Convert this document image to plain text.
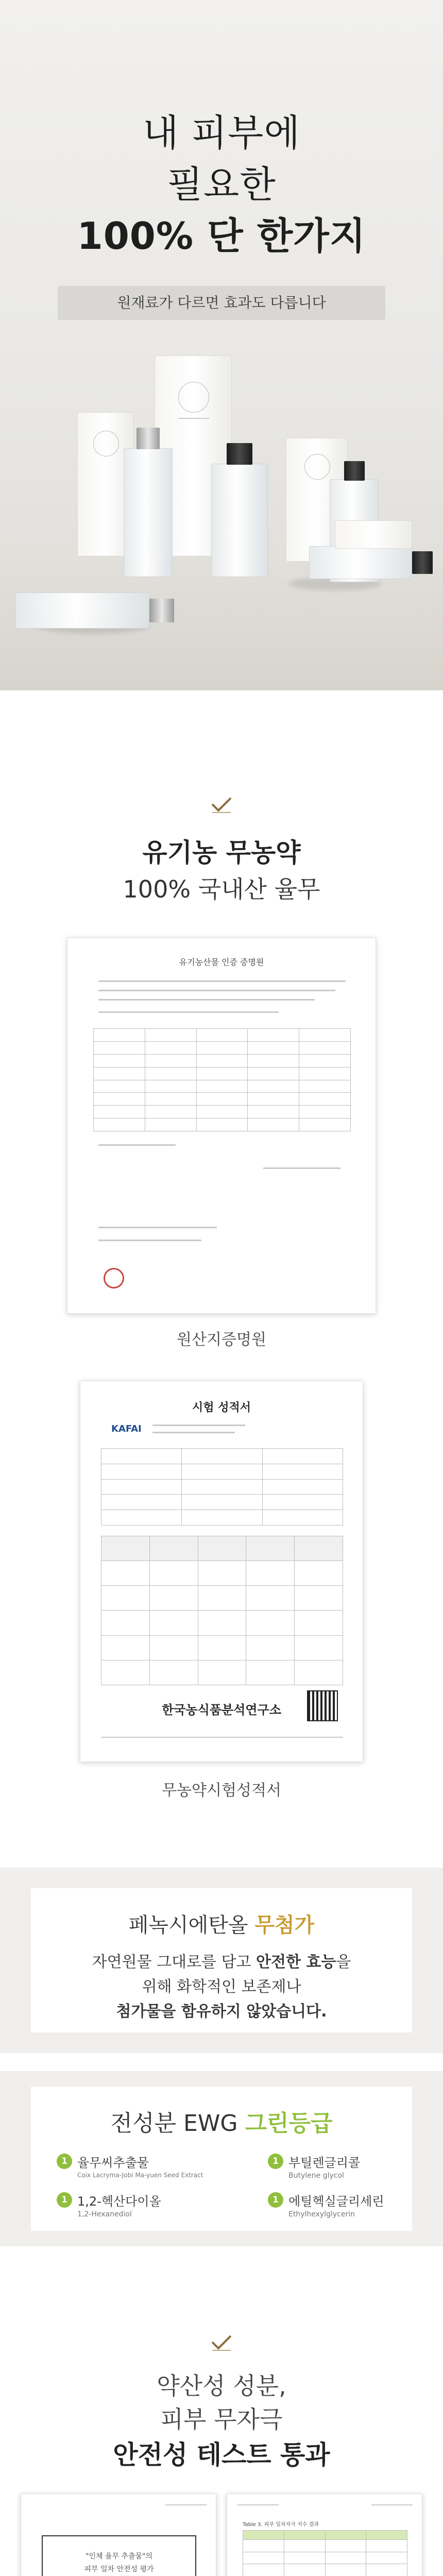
내 피부에
필요한
100% 단 한가지
원재료가 다르면 효과도 다릅니다
유기농 무농약
100% 국내산 율무
유기농산물 인증 증명원

원산지증명원
시험 성적서
KAFAI

한국농식품분석연구소
무농약시험성적서
페녹시에탄올 무첨가
자연원물 그대로를 담고 안전한 효능을
위해 화학적인 보존제나
첨가물을 함유하지 않았습니다.
전성분 EWG 그린등급
1 율무씨추출물
Coix Lacryma-Jobi Ma-yuen Seed Extract
1 부틸렌글리콜
Butylene glycol
1 1,2-헥산다이올
1,2-Hexanediol
1 에틸헥실글리세린
Ethylhexylglycerin
약산성 성분,
피부 무자극
안전성 테스트 통과
"인체 율무 추출물"의
피부 일차 안전성 평가
Table 3. 피부 일차자극 지수 결과
